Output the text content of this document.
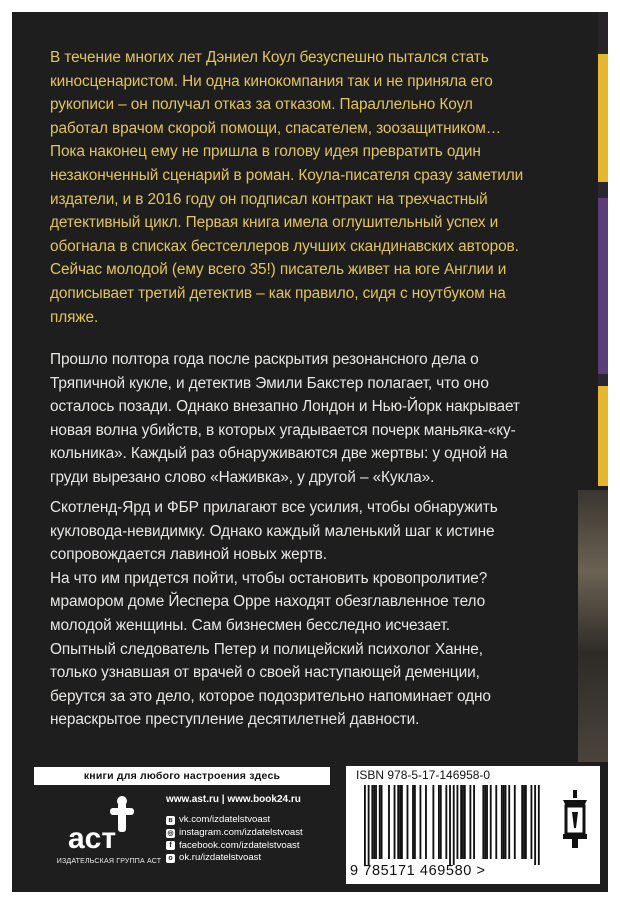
В течение многих лет Дэниел Коул безуспешно пытался стать

киносценаристом. Ни одна кинокомпания так и не приняла его

рукописи – он получал отказ за отказом. Параллельно Коул

работал врачом скорой помощи, спасателем, зоозащитником…

Пока наконец ему не пришла в голову идея превратить один

незаконченный сценарий в роман. Коула-писателя сразу заметили

издатели, и в 2016 году он подписал контракт на трехчастный

детективный цикл. Первая книга имела оглушительный успех и

обогнала в списках бестселлеров лучших скандинавских авторов.

Сейчас молодой (ему всего 35!) писатель живет на юге Англии и

дописывает третий детектив – как правило, сидя с ноутбуком на

пляже.

Прошло полтора года после раскрытия резонансного дела о

Тряпичной кукле, и детектив Эмили Бакстер полагает, что оно

осталось позади. Однако внезапно Лондон и Нью-Йорк накрывает

новая волна убийств, в которых угадывается почерк маньяка-«ку-

кольника». Каждый раз обнаруживаются две жертвы: у одной на

груди вырезано слово «Наживка», у другой – «Кукла».

Скотленд-Ярд и ФБР прилагают все усилия, чтобы обнаружить

кукловода-невидимку. Однако каждый маленький шаг к истине

сопровождается лавиной новых жертв.

На что им придется пойти, чтобы остановить кровопролитие?

мрамором доме Йеспера Орре находят обезглавленное тело

молодой женщины. Сам бизнесмен бесследно исчезает.

Опытный следователь Петер и полицейский психолог Ханне,

только узнавшая от врачей о своей наступающей деменции,

берутся за это дело, которое подозрительно напоминает одно

нераскрытое преступление десятилетней давности.

книги для любого настроения здесь
аст
ИЗДАТЕЛЬСКАЯ ГРУППА АСТ
www.ast.ru | www.book24.ru
в vk.com/izdatelstvoast
◎ instagram.com/izdatelstvoast
f facebook.com/izdatelstvoast
о ok.ru/izdatelstvoast
ISBN 978-5-17-146958-0
9 785171 469580 >
